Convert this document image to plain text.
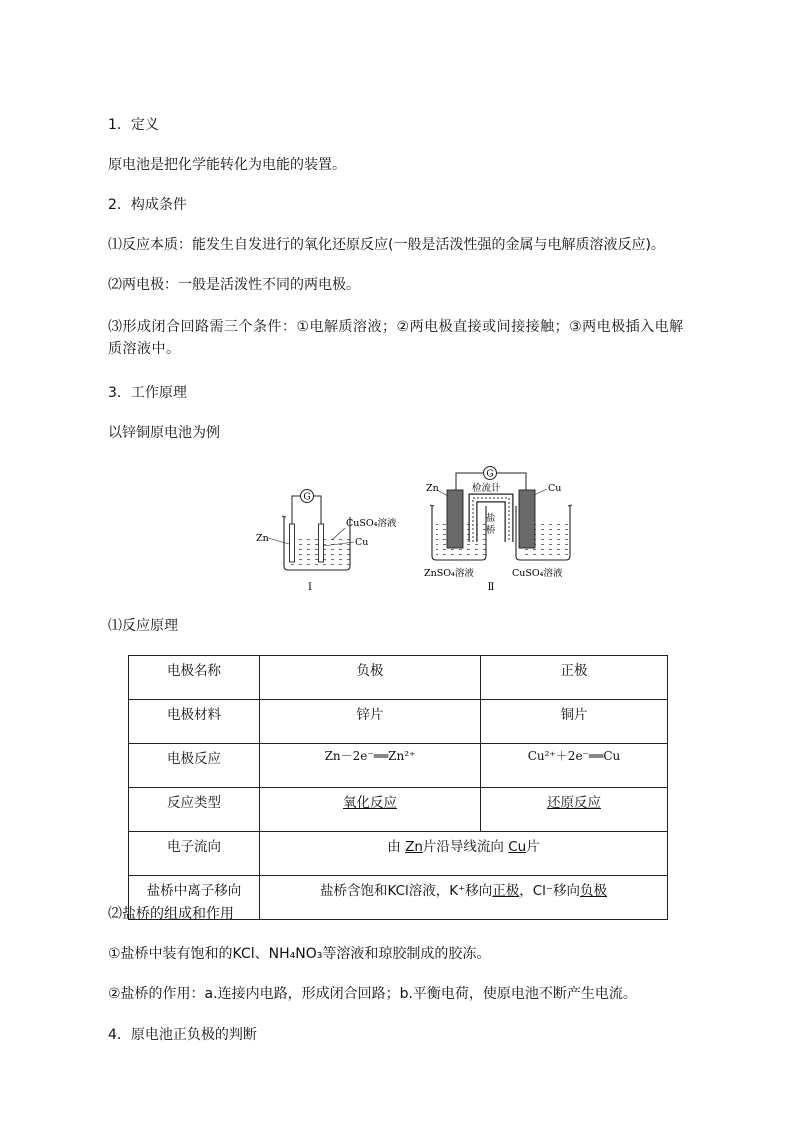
1．定义
原电池是把化学能转化为电能的装置。
2．构成条件
⑴反应本质：能发生自发进行的氧化还原反应(一般是活泼性强的金属与电解质溶液反应)。
⑵两电极：一般是活泼性不同的两电极。
⑶形成闭合回路需三个条件：①电解质溶液；②两电极直接或间接接触；③两电极插入电解质溶液中。
3．工作原理
以锌铜原电池为例
G
Zn
CuSO₄溶液
Cu
I
G
Zn	检流计	Cu
盐
桥
ZnSO₄溶液	CuSO₄溶液
Ⅱ
⑴反应原理
电极名称	负极	正极
电极材料	锌片	铜片
电极反应	Zn－2e⁻══Zn²⁺	Cu²⁺＋2e⁻══Cu
反应类型	氧化反应	还原反应
电子流向	由 Zn片沿导线流向 Cu片	
盐桥中离子移向	盐桥含饱和KCl溶液，K⁺移向正极，Cl⁻移向负极	
⑵盐桥的组成和作用
①盐桥中装有饱和的KCl、NH₄NO₃等溶液和琼胶制成的胶冻。
②盐桥的作用：a.连接内电路，形成闭合回路；b.平衡电荷，使原电池不断产生电流。
4．原电池正负极的判断
